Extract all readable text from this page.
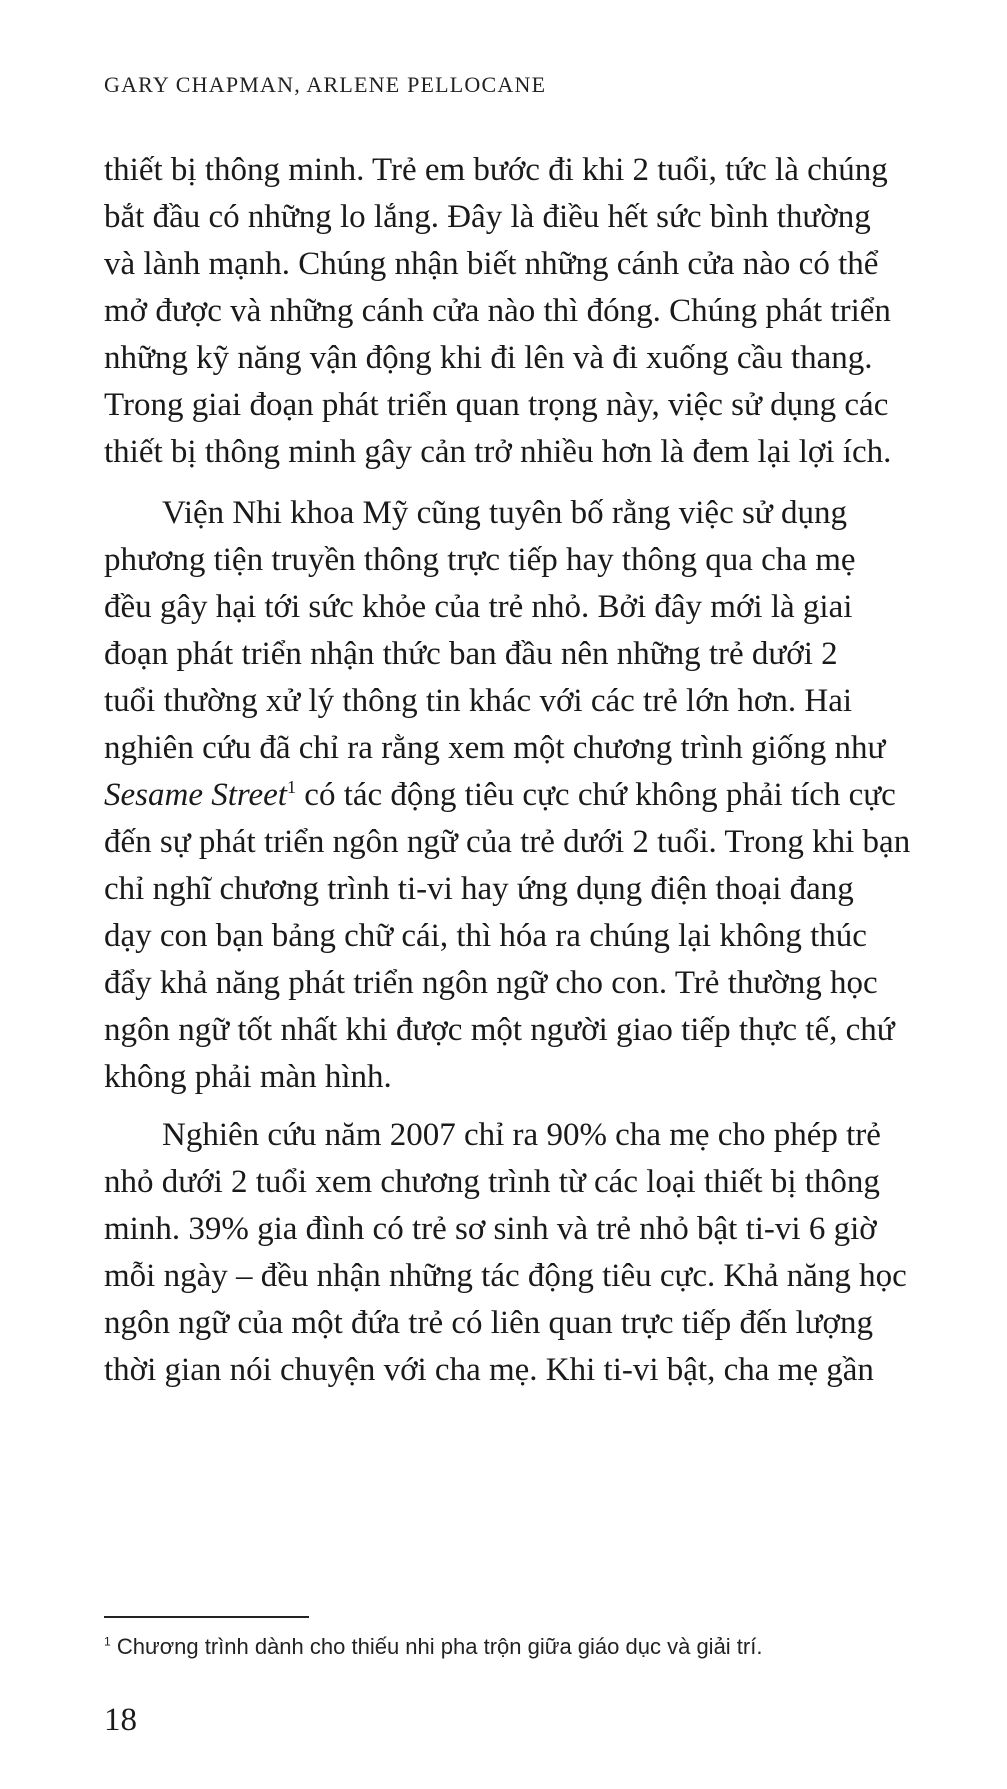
GARY CHAPMAN, ARLENE PELLOCANE
thiết bị thông minh. Trẻ em bước đi khi 2 tuổi, tức là chúng
bắt đầu có những lo lắng. Đây là điều hết sức bình thường
và lành mạnh. Chúng nhận biết những cánh cửa nào có thể
mở được và những cánh cửa nào thì đóng. Chúng phát triển
những kỹ năng vận động khi đi lên và đi xuống cầu thang.
Trong giai đoạn phát triển quan trọng này, việc sử dụng các
thiết bị thông minh gây cản trở nhiều hơn là đem lại lợi ích.
Viện Nhi khoa Mỹ cũng tuyên bố rằng việc sử dụng
phương tiện truyền thông trực tiếp hay thông qua cha mẹ
đều gây hại tới sức khỏe của trẻ nhỏ. Bởi đây mới là giai
đoạn phát triển nhận thức ban đầu nên những trẻ dưới 2
tuổi thường xử lý thông tin khác với các trẻ lớn hơn. Hai
nghiên cứu đã chỉ ra rằng xem một chương trình giống như
Sesame Street$^1$ có tác động tiêu cực chứ không phải tích cực
đến sự phát triển ngôn ngữ của trẻ dưới 2 tuổi. Trong khi bạn
chỉ nghĩ chương trình ti-vi hay ứng dụng điện thoại đang
dạy con bạn bảng chữ cái, thì hóa ra chúng lại không thúc
đẩy khả năng phát triển ngôn ngữ cho con. Trẻ thường học
ngôn ngữ tốt nhất khi được một người giao tiếp thực tế, chứ
không phải màn hình.
Nghiên cứu năm 2007 chỉ ra 90% cha mẹ cho phép trẻ
nhỏ dưới 2 tuổi xem chương trình từ các loại thiết bị thông
minh. 39% gia đình có trẻ sơ sinh và trẻ nhỏ bật ti-vi 6 giờ
mỗi ngày – đều nhận những tác động tiêu cực. Khả năng học
ngôn ngữ của một đứa trẻ có liên quan trực tiếp đến lượng
thời gian nói chuyện với cha mẹ. Khi ti-vi bật, cha mẹ gần
$^1$ Chương trình dành cho thiếu nhi pha trộn giữa giáo dục và giải trí.
18
